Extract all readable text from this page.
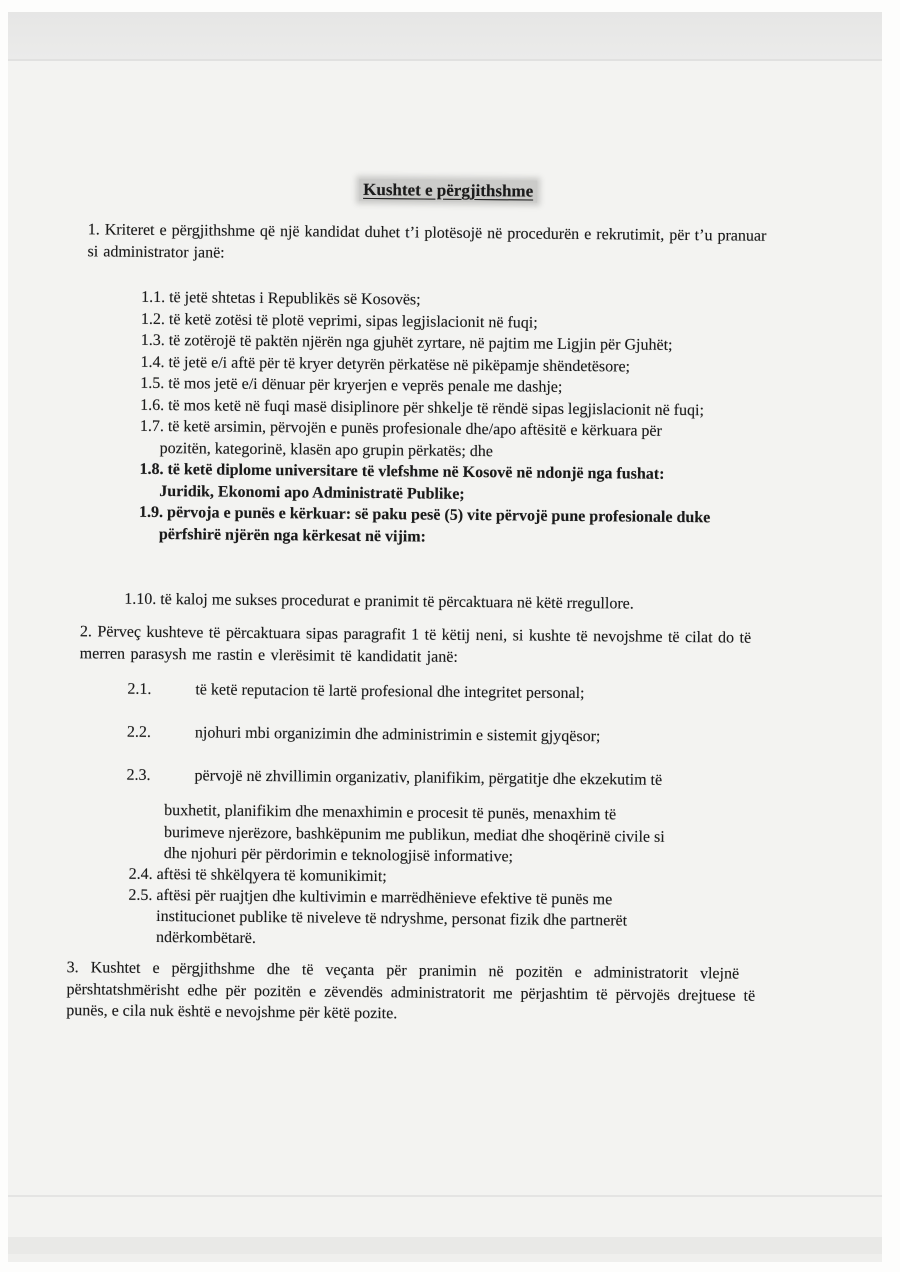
Kushtet e përgjithshme
1. Kriteret e përgjithshme që një kandidat duhet t’i plotësojë në procedurën e rekrutimit, për t’u pranuar
si administrator janë:
1.1. të jetë shtetas i Republikës së Kosovës;
1.2. të ketë zotësi të plotë veprimi, sipas legjislacionit në fuqi;
1.3. të zotërojë të paktën njërën nga gjuhët zyrtare, në pajtim me Ligjin për Gjuhët;
1.4. të jetë e/i aftë për të kryer detyrën përkatëse në pikëpamje shëndetësore;
1.5. të mos jetë e/i dënuar për kryerjen e veprës penale me dashje;
1.6. të mos ketë në fuqi masë disiplinore për shkelje të rëndë sipas legjislacionit në fuqi;
1.7. të ketë arsimin, përvojën e punës profesionale dhe/apo aftësitë e kërkuara për
pozitën, kategorinë, klasën apo grupin përkatës; dhe
1.8. të ketë diplome universitare të vlefshme në Kosovë në ndonjë nga fushat:
Juridik, Ekonomi apo Administratë Publike;
1.9. përvoja e punës e kërkuar: së paku pesë (5) vite përvojë pune profesionale duke
përfshirë njërën nga kërkesat në vijim:
1.10. të kaloj me sukses procedurat e pranimit të përcaktuara në këtë rregullore.
2. Përveç kushteve të përcaktuara sipas paragrafit 1 të këtij neni, si kushte të nevojshme të cilat do të
merren parasysh me rastin e vlerësimit të kandidatit janë:
2.1. të ketë reputacion të lartë profesional dhe integritet personal;
2.2. njohuri mbi organizimin dhe administrimin e sistemit gjyqësor;
2.3. përvojë në zhvillimin organizativ, planifikim, përgatitje dhe ekzekutim të
buxhetit, planifikim dhe menaxhimin e procesit të punës, menaxhim të
burimeve njerëzore, bashkëpunim me publikun, mediat dhe shoqërinë civile si
dhe njohuri për përdorimin e teknologjisë informative;
2.4. aftësi të shkëlqyera të komunikimit;
2.5. aftësi për ruajtjen dhe kultivimin e marrëdhënieve efektive të punës me
institucionet publike të niveleve të ndryshme, personat fizik dhe partnerët
ndërkombëtarë.
3. Kushtet e përgjithshme dhe të veçanta për pranimin në pozitën e administratorit vlejnë
përshtatshmërisht edhe për pozitën e zëvendës administratorit me përjashtim të përvojës drejtuese të
punës, e cila nuk është e nevojshme për këtë pozite.
